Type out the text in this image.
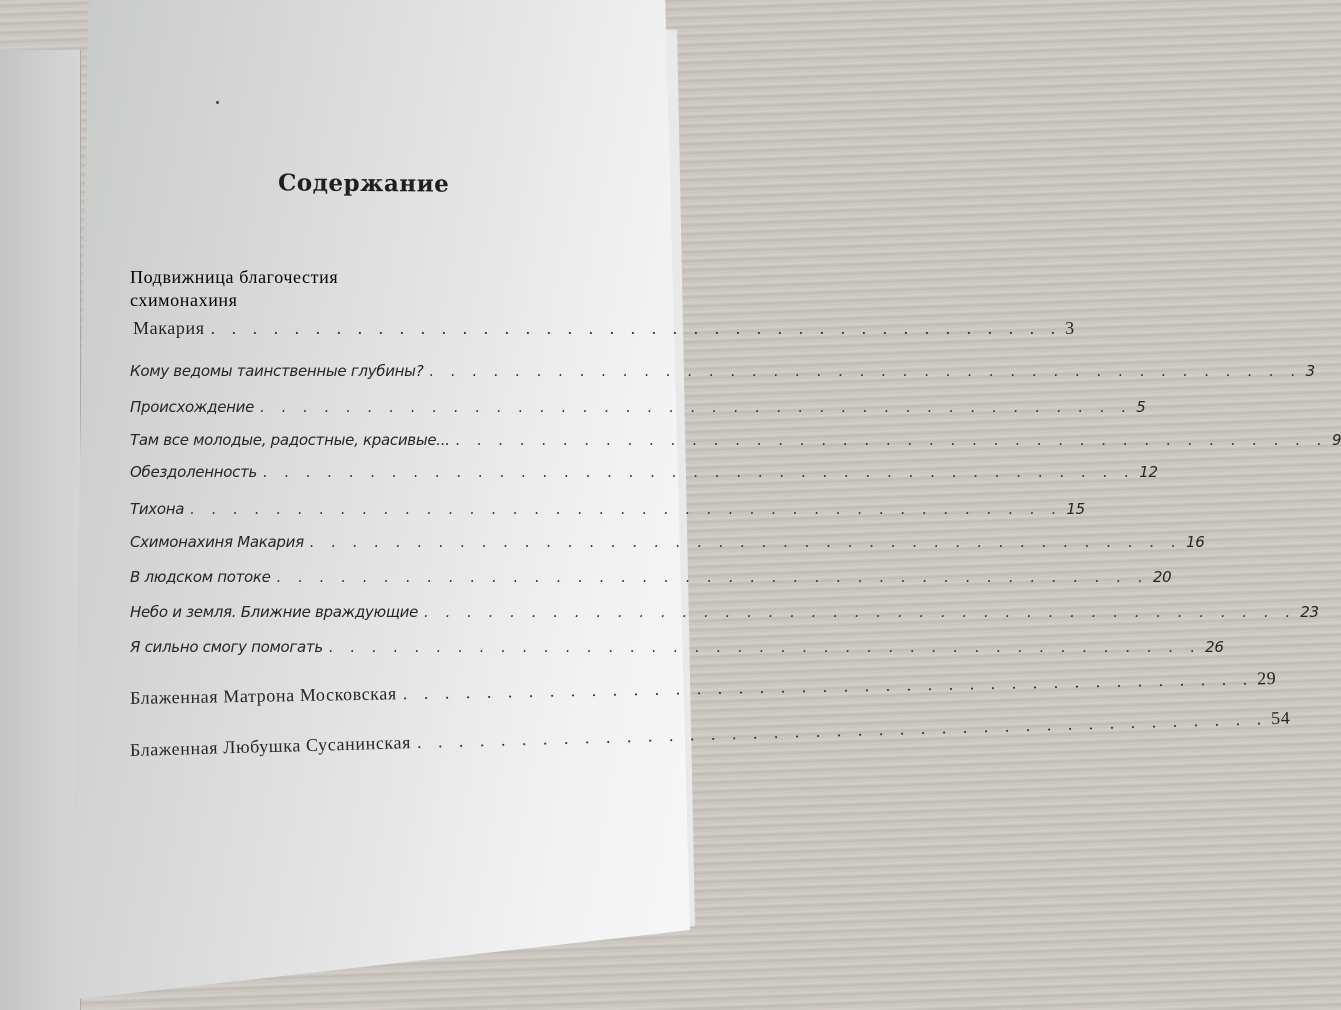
Содержание
Подвижница благочестия
схимонахиня
Макария . . . . . . . . . . . . . . . . . . . . . . . . . . . . . . . . . . . . . . . . . 3
Кому ведомы таинственные глубины? . . . . . . . . . . . . . . . . . . . . . . . . . . . . . . . . . . . . . . . . . 3
Происхождение . . . . . . . . . . . . . . . . . . . . . . . . . . . . . . . . . . . . . . . . . 5
Там все молодые, радостные, красивые... . . . . . . . . . . . . . . . . . . . . . . . . . . . . . . . . . . . . . . . . . 9
Обездоленность . . . . . . . . . . . . . . . . . . . . . . . . . . . . . . . . . . . . . . . . . 12
Тихона . . . . . . . . . . . . . . . . . . . . . . . . . . . . . . . . . . . . . . . . . 15
Схимонахиня Макария . . . . . . . . . . . . . . . . . . . . . . . . . . . . . . . . . . . . . . . . . 16
В людском потоке . . . . . . . . . . . . . . . . . . . . . . . . . . . . . . . . . . . . . . . . . 20
Небо и земля. Ближние враждующие . . . . . . . . . . . . . . . . . . . . . . . . . . . . . . . . . . . . . . . . . 23
Я сильно смогу помогать . . . . . . . . . . . . . . . . . . . . . . . . . . . . . . . . . . . . . . . . . 26
Блаженная Матрона Московская . . . . . . . . . . . . . . . . . . . . . . . . . . . . . . . . . . . . . . . . . 29
Блаженная Любушка Сусанинская . . . . . . . . . . . . . . . . . . . . . . . . . . . . . . . . . . . . . . . . . 54
